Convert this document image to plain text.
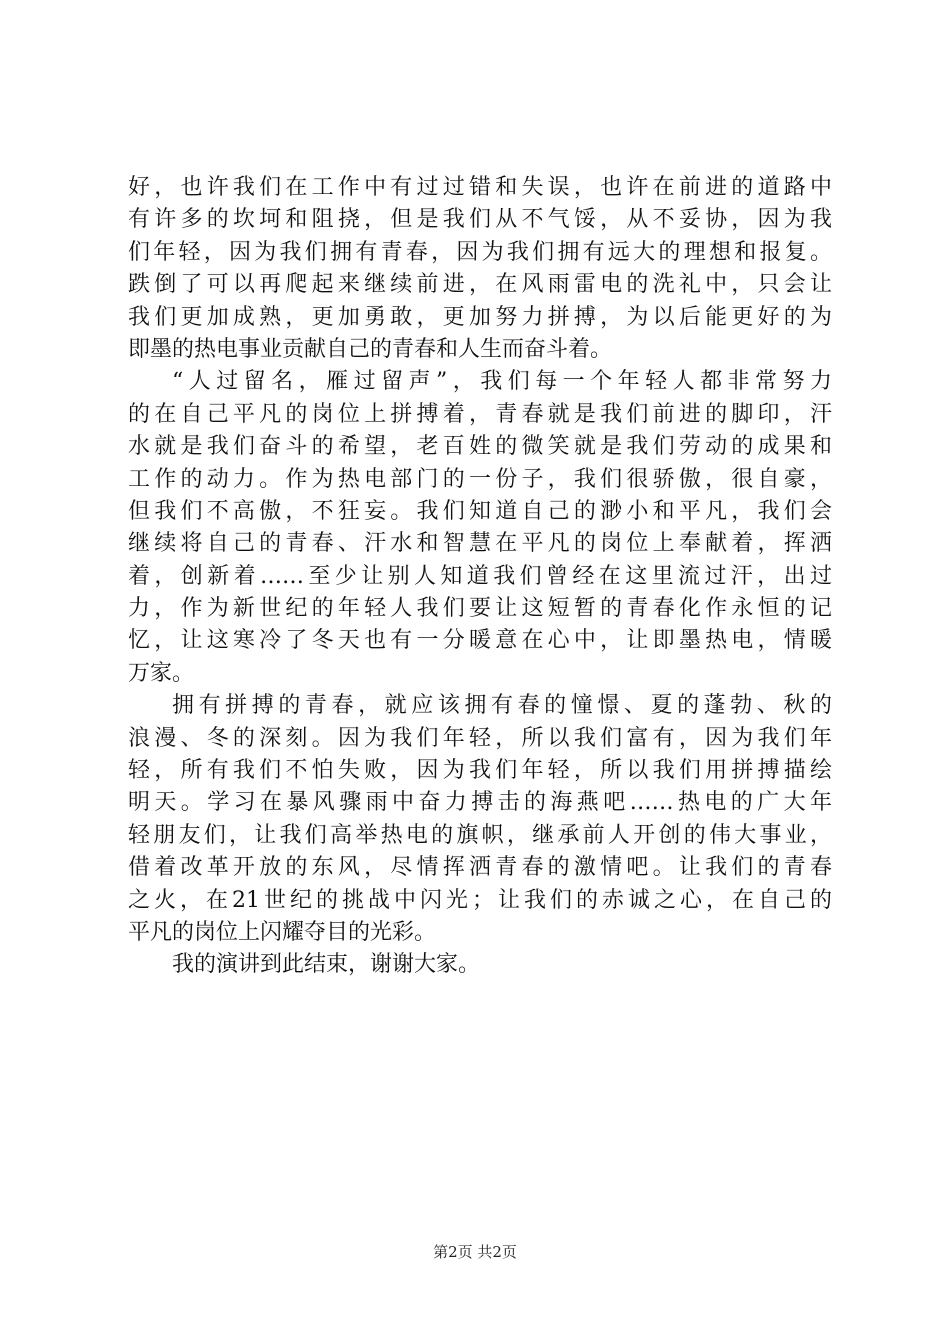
好，也许我们在工作中有过过错和失误，也许在前进的道路中
有许多的坎坷和阻挠，但是我们从不气馁，从不妥协，因为我
们年轻，因为我们拥有青春，因为我们拥有远大的理想和报复。
跌倒了可以再爬起来继续前进，在风雨雷电的洗礼中，只会让
我们更加成熟，更加勇敢，更加努力拼搏，为以后能更好的为
即墨的热电事业贡献自己的青春和人生而奋斗着。
“人过留名，雁过留声”，我们每一个年轻人都非常努力
的在自己平凡的岗位上拼搏着，青春就是我们前进的脚印，汗
水就是我们奋斗的希望，老百姓的微笑就是我们劳动的成果和
工作的动力。作为热电部门的一份子，我们很骄傲，很自豪，
但我们不高傲，不狂妄。我们知道自己的渺小和平凡，我们会
继续将自己的青春、汗水和智慧在平凡的岗位上奉献着，挥洒
着，创新着……至少让别人知道我们曾经在这里流过汗，出过
力，作为新世纪的年轻人我们要让这短暂的青春化作永恒的记
忆，让这寒冷了冬天也有一分暖意在心中，让即墨热电，情暖
万家。
拥有拼搏的青春，就应该拥有春的憧憬、夏的蓬勃、秋的
浪漫、冬的深刻。因为我们年轻，所以我们富有，因为我们年
轻，所有我们不怕失败，因为我们年轻，所以我们用拼搏描绘
明天。学习在暴风骤雨中奋力搏击的海燕吧……热电的广大年
轻朋友们，让我们高举热电的旗帜，继承前人开创的伟大事业，
借着改革开放的东风，尽情挥洒青春的激情吧。让我们的青春
之火，在21世纪的挑战中闪光；让我们的赤诚之心，在自己的
平凡的岗位上闪耀夺目的光彩。
我的演讲到此结束，谢谢大家。
第2页 共2页
